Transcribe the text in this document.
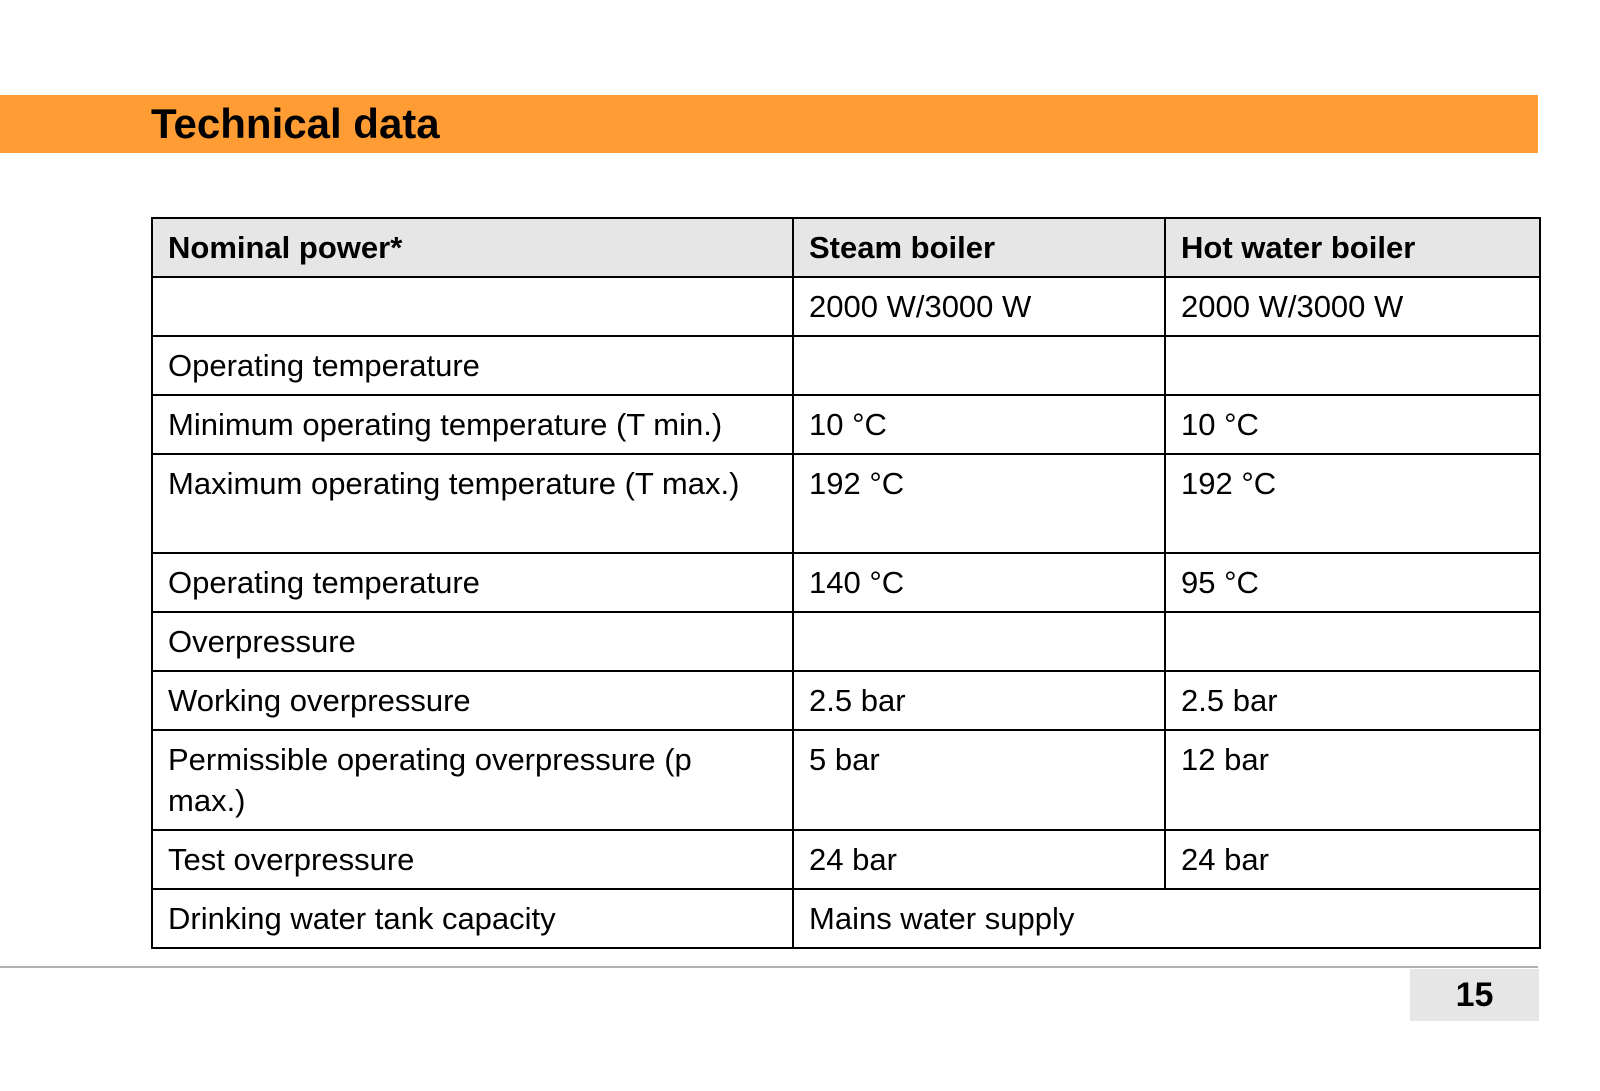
Technical data
Nominal power*	Steam boiler	Hot water boiler
	2000 W/3000 W	2000 W/3000 W
Operating temperature		
Minimum operating temperature (T min.)	10 °C	10 °C
Maximum operating temperature (T max.)	192 °C	192 °C
Operating temperature	140 °C	95 °C
Overpressure		
Working overpressure	2.5 bar	2.5 bar
Permissible operating overpressure (p max.)	5 bar	12 bar
Test overpressure	24 bar	24 bar
Drinking water tank capacity	Mains water supply	
15
